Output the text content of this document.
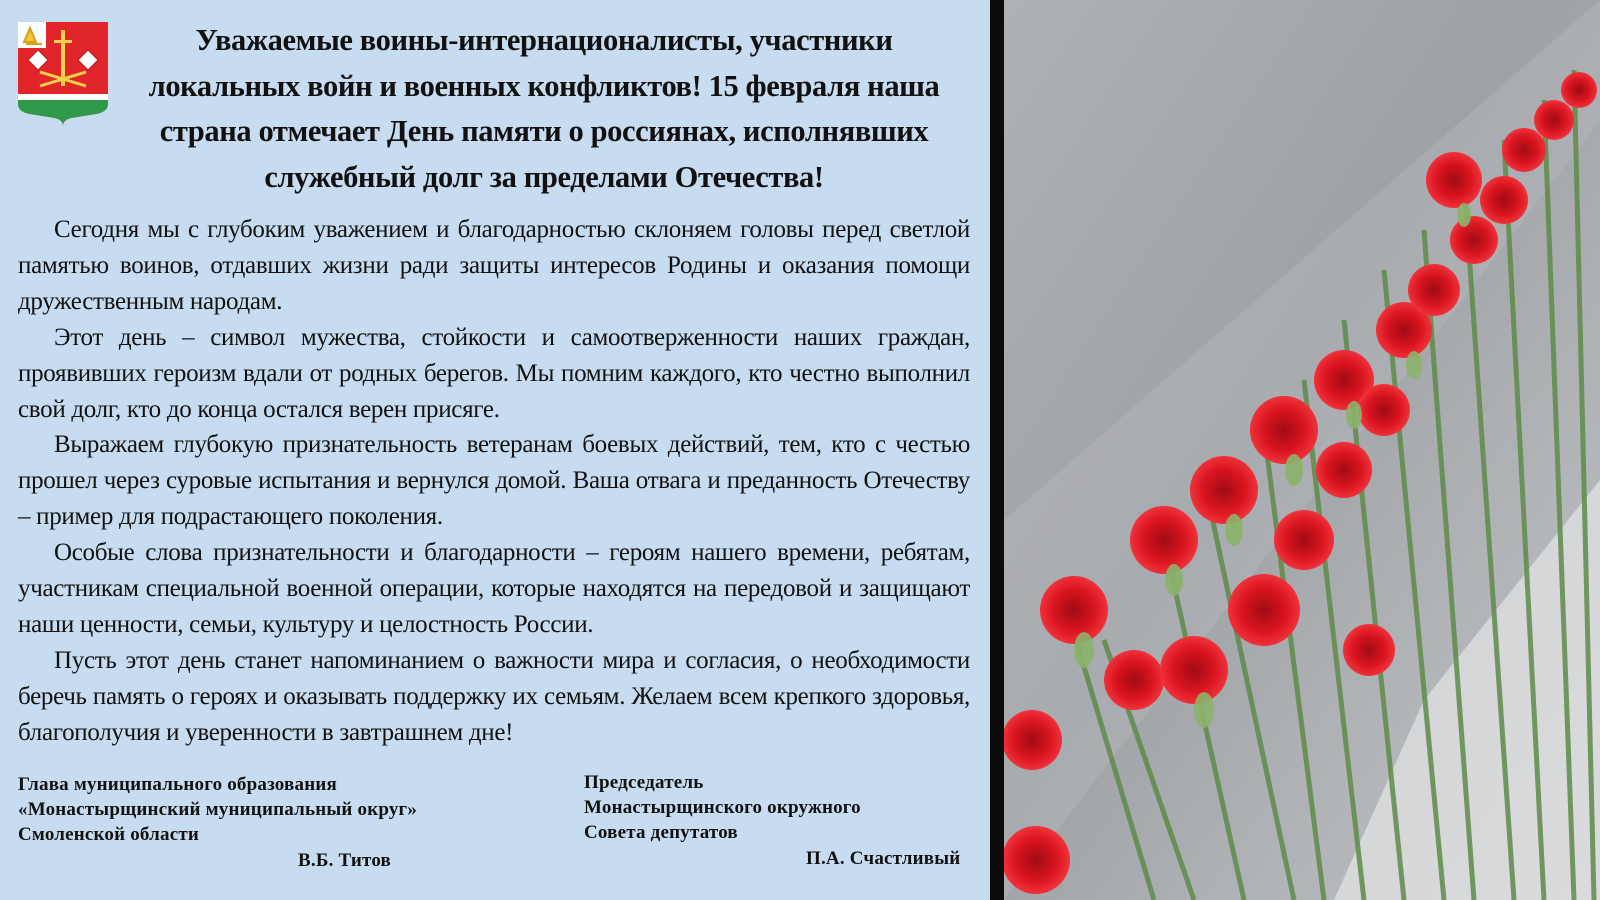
Уважаемые воины-интернационалисты, участники локальных войн и военных конфликтов! 15 февраля наша страна отмечает День памяти о россиянах, исполнявших служебный долг за пределами Отечества!

Сегодня мы с глубоким уважением и благодарностью склоняем головы перед светлой памятью воинов, отдавших жизни ради защиты интересов Родины и оказания помощи дружественным народам.

Этот день – символ мужества, стойкости и самоотверженности наших граждан, проявивших героизм вдали от родных берегов. Мы помним каждого, кто честно выполнил свой долг, кто до конца остался верен присяге.

Выражаем глубокую признательность ветеранам боевых действий, тем, кто с честью прошел через суровые испытания и вернулся домой. Ваша отвага и преданность Отечеству – пример для подрастающего поколения.

Особые слова признательности и благодарности – героям нашего времени, ребятам, участникам специальной военной операции, которые находятся на передовой и защищают наши ценности, семьи, культуру и целостность России.

Пусть этот день станет напоминанием о важности мира и согласия, о необходимости беречь память о героях и оказывать поддержку их семьям. Желаем всем крепкого здоровья, благополучия и уверенности в завтрашнем дне!

Глава муниципального образования
«Монастырщинский муниципальный округ»
Смоленской области
В.Б. Титов
Председатель
Монастырщинского окружного
Совета депутатов
П.А. Счастливый
